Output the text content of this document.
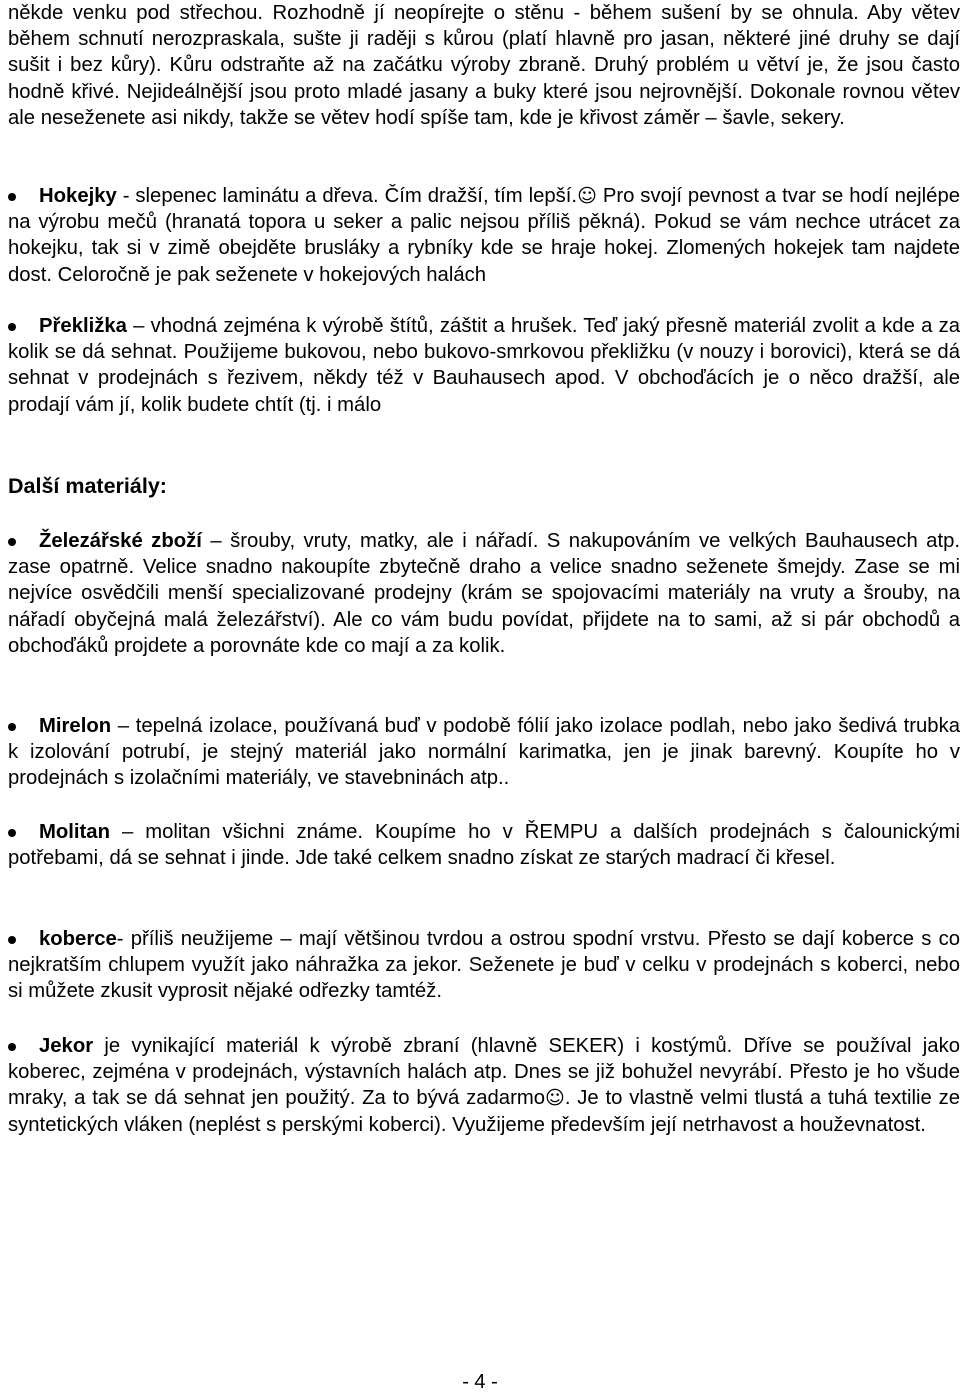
někde venku pod střechou. Rozhodně jí neopírejte o stěnu - během sušení by se ohnula. Aby větev během schnutí nerozpraskala, sušte ji raději s kůrou (platí hlavně pro jasan, některé jiné druhy se dají sušit i bez kůry). Kůru odstraňte až na začátku výroby zbraně. Druhý problém u větví je, že jsou často hodně křivé. Nejideálnější jsou proto mladé jasany a buky které jsou nejrovnější. Dokonale rovnou větev ale neseženete asi nikdy, takže se větev hodí spíše tam, kde je křivost záměr – šavle, sekery.

Hokejky - slepenec laminátu a dřeva. Čím dražší, tím lepší.☺ Pro svojí pevnost a tvar se hodí nejlépe na výrobu mečů (hranatá topora u seker a palic nejsou příliš pěkná). Pokud se vám nechce utrácet za hokejku, tak si v zimě obejděte brusláky a rybníky kde se hraje hokej. Zlomených hokejek tam najdete dost. Celoročně je pak seženete v hokejových halách

Překližka – vhodná zejména k výrobě štítů, záštit a hrušek. Teď jaký přesně materiál zvolit a kde a za kolik se dá sehnat. Použijeme bukovou, nebo bukovo-smrkovou překližku (v nouzy i borovici), která se dá sehnat v prodejnách s řezivem, někdy též v Bauhausech apod. V obchoďácích je o něco dražší, ale prodají vám jí, kolik budete chtít (tj. i málo

Další materiály:

Železářské zboží – šrouby, vruty, matky, ale i nářadí. S nakupováním ve velkých Bauhausech atp. zase opatrně. Velice snadno nakoupíte zbytečně draho a velice snadno seženete šmejdy. Zase se mi nejvíce osvědčili menší specializované prodejny (krám se spojovacími materiály na vruty a šrouby, na nářadí obyčejná malá železářství). Ale co vám budu povídat, přijdete na to sami, až si pár obchodů a obchoďáků projdete a porovnáte kde co mají a za kolik.

Mirelon – tepelná izolace, používaná buď v podobě fólií jako izolace podlah, nebo jako šedivá trubka k izolování potrubí, je stejný materiál jako normální karimatka, jen je jinak barevný. Koupíte ho v prodejnách s izolačními materiály, ve stavebninách atp..

Molitan – molitan všichni známe. Koupíme ho v ŘEMPU a dalších prodejnách s čalounickými potřebami, dá se sehnat i jinde. Jde také celkem snadno získat ze starých madrací či křesel.

koberce- příliš neužijeme – mají většinou tvrdou a ostrou spodní vrstvu. Přesto se dají koberce s co nejkratším chlupem využít jako náhražka za jekor. Seženete je buď v celku v prodejnách s koberci, nebo si můžete zkusit vyprosit nějaké odřezky tamtéž.

Jekor je vynikající materiál k výrobě zbraní (hlavně SEKER) i kostýmů. Dříve se používal jako koberec, zejména v prodejnách, výstavních halách atp. Dnes se již bohužel nevyrábí. Přesto je ho všude mraky, a tak se dá sehnat jen použitý. Za to bývá zadarmo☺. Je to vlastně velmi tlustá a tuhá textilie ze syntetických vláken (neplést s perskými koberci). Využijeme především její netrhavost a houževnatost.

- 4 -
